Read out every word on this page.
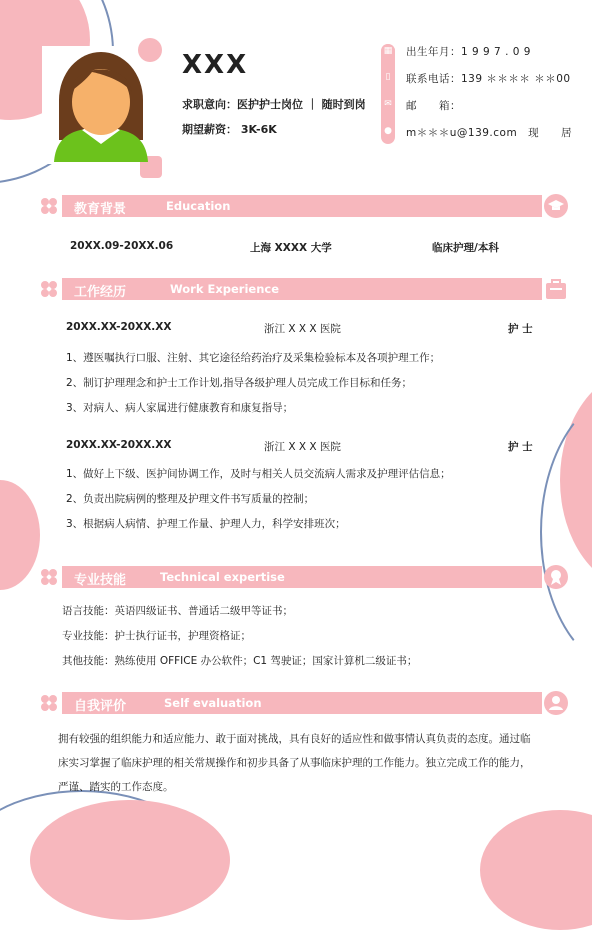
XXX
求职意向：医护护士岗位 ｜ 随时到岗
期望薪资： 3K-6K
▦
▯
✉
●
出生年月：1 9 9 7 . 0 9
联系电话：139 ＊＊＊＊ ＊＊00
邮　　箱：
m＊＊＊u@139.com　现　　居
教育背景	Education
20XX.09-20XX.06	上海 XXXX 大学	临床护理/本科
工作经历	Work Experience
20XX.XX-20XX.XX	浙江 X X X 医院	护 士
1、遵医嘱执行口服、注射、其它途径给药治疗及采集检验标本及各项护理工作；
2、制订护理理念和护士工作计划,指导各级护理人员完成工作目标和任务；
3、对病人、病人家属进行健康教育和康复指导；
20XX.XX-20XX.XX	浙江 X X X 医院	护 士
1、做好上下级、医护间协调工作，及时与相关人员交流病人需求及护理评估信息；
2、负责出院病例的整理及护理文件书写质量的控制；
3、根据病人病情、护理工作量、护理人力，科学安排班次；
专业技能	Technical expertise
语言技能：英语四级证书、普通话二级甲等证书；
专业技能：护士执行证书，护理资格证；
其他技能：熟练使用 OFFICE 办公软件；C1 驾驶证；国家计算机二级证书；
自我评价	Self evaluation
拥有较强的组织能力和适应能力、敢于面对挑战，具有良好的适应性和做事情认真负责的态度。通过临床实习掌握了临床护理的相关常规操作和初步具备了从事临床护理的工作能力。独立完成工作的能力，严谨、踏实的工作态度。
